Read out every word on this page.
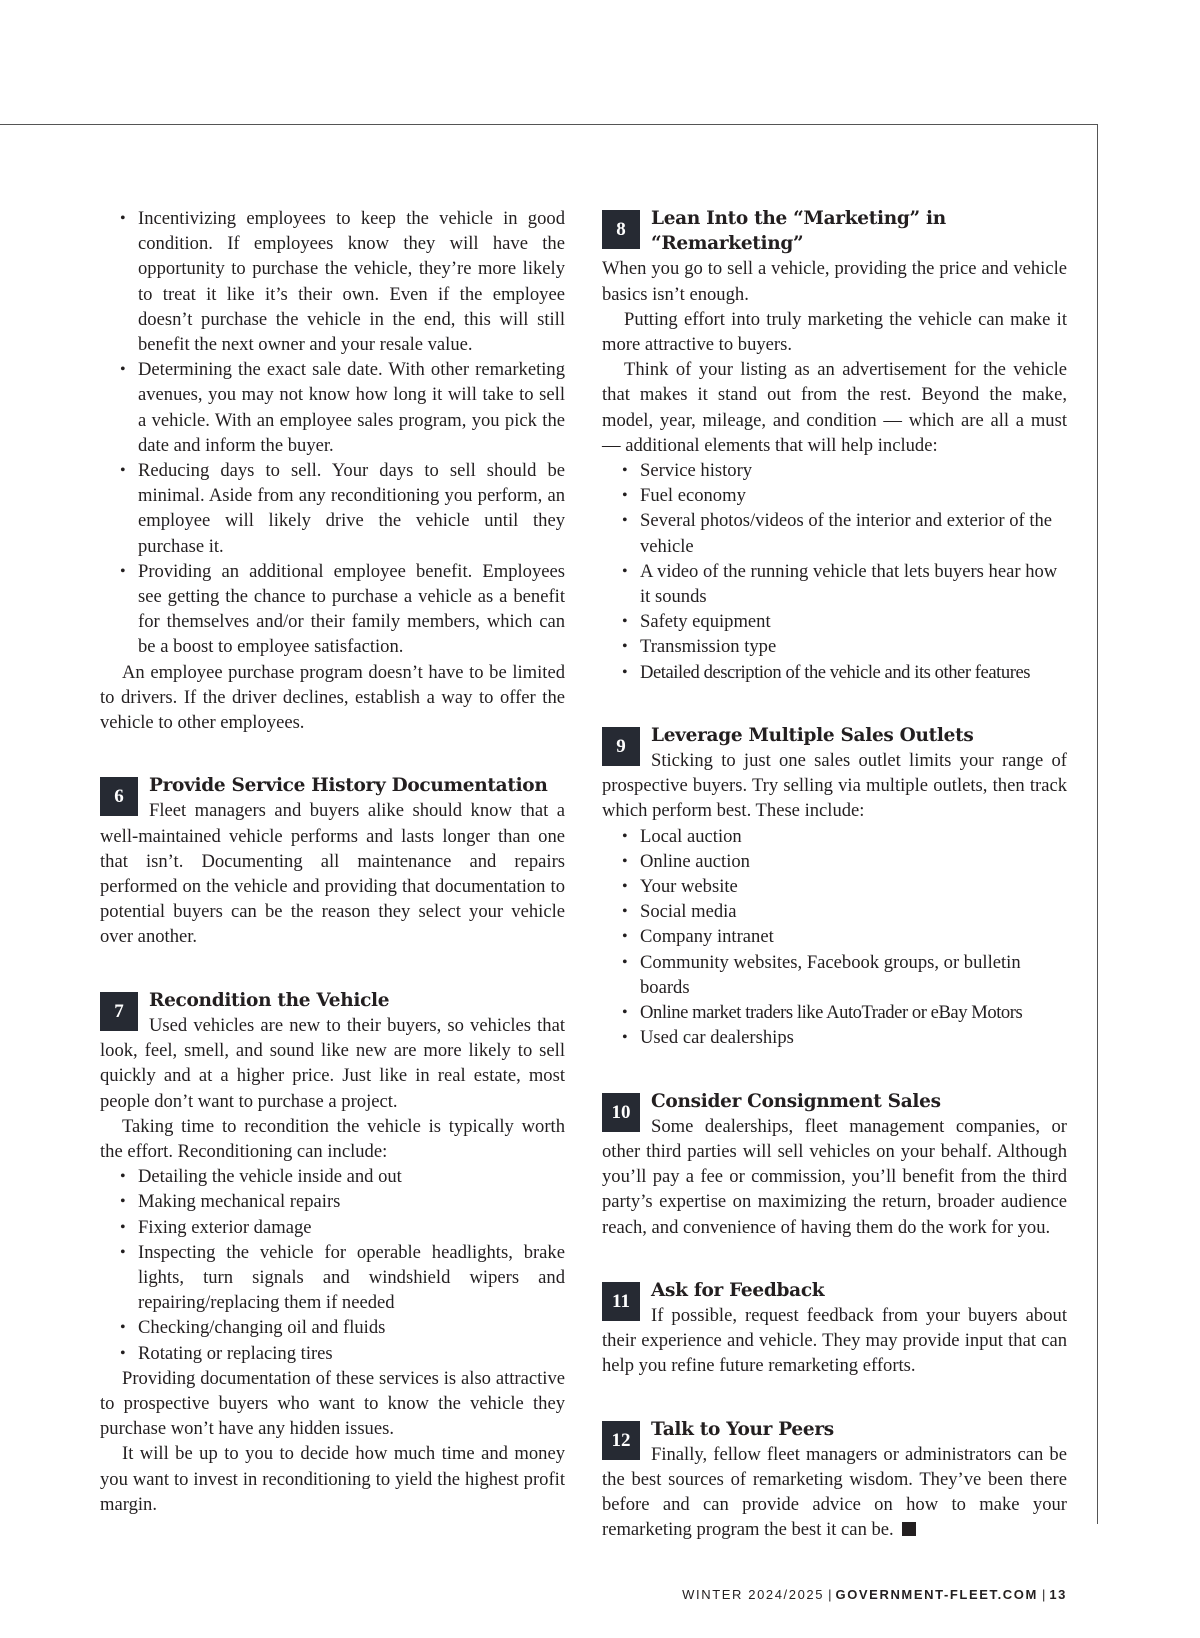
• Incentivizing employees to keep the vehicle in good condition. If employees know they will have the opportunity to purchase the vehicle, they’re more likely to treat it like it’s their own. Even if the employee doesn’t purchase the vehicle in the end, this will still benefit the next owner and your resale value.
• Determining the exact sale date. With other remarketing avenues, you may not know how long it will take to sell a vehicle. With an employee sales program, you pick the date and inform the buyer.
• Reducing days to sell. Your days to sell should be minimal. Aside from any reconditioning you perform, an employee will likely drive the vehicle until they purchase it.
• Providing an additional employee benefit. Employees see getting the chance to purchase a vehicle as a benefit for themselves and/or their family members, which can be a boost to employee satisfaction.

An employee purchase program doesn’t have to be limited to drivers. If the driver declines, establish a way to offer the vehicle to other employees.

6
Provide Service History Documentation

Fleet managers and buyers alike should know that a well-maintained vehicle performs and lasts longer than one that isn’t. Documenting all maintenance and repairs performed on the vehicle and providing that documentation to potential buyers can be the reason they select your vehicle over another.

7
Recondition the Vehicle

Used vehicles are new to their buyers, so vehicles that look, feel, smell, and sound like new are more likely to sell quickly and at a higher price. Just like in real estate, most people don’t want to purchase a project.

Taking time to recondition the vehicle is typically worth the effort. Reconditioning can include:

• Detailing the vehicle inside and out
• Making mechanical repairs
• Fixing exterior damage
• Inspecting the vehicle for operable headlights, brake lights, turn signals and windshield wipers and repairing/replacing them if needed
• Checking/changing oil and fluids
• Rotating or replacing tires

Providing documentation of these services is also attractive to prospective buyers who want to know the vehicle they purchase won’t have any hidden issues.

It will be up to you to decide how much time and money you want to invest in reconditioning to yield the highest profit margin.

8
Lean Into the “Marketing” in “Remarketing”

When you go to sell a vehicle, providing the price and vehicle basics isn’t enough.

Putting effort into truly marketing the vehicle can make it more attractive to buyers.

Think of your listing as an advertisement for the vehicle that makes it stand out from the rest. Beyond the make, model, year, mileage, and condition — which are all a must — additional elements that will help include:

• Service history
• Fuel economy
• Several photos/videos of the interior and exterior of the vehicle
• A video of the running vehicle that lets buyers hear how it sounds
• Safety equipment
• Transmission type
• Detailed description of the vehicle and its other features
9
Leverage Multiple Sales Outlets

Sticking to just one sales outlet limits your range of prospective buyers. Try selling via multiple outlets, then track which perform best. These include:

• Local auction
• Online auction
• Your website
• Social media
• Company intranet
• Community websites, Facebook groups, or bulletin boards
• Online market traders like AutoTrader or eBay Motors
• Used car dealerships
10
Consider Consignment Sales

Some dealerships, fleet management companies, or other third parties will sell vehicles on your behalf. Although you’ll pay a fee or commission, you’ll benefit from the third party’s expertise on maximizing the return, broader audience reach, and convenience of having them do the work for you.

11
Ask for Feedback

If possible, request feedback from your buyers about their experience and vehicle. They may provide input that can help you refine future remarketing efforts.

12
Talk to Your Peers

Finally, fellow fleet managers or administrators can be the best sources of remarketing wisdom. They’ve been there before and can provide advice on how to make your remarketing program the best it can be.

WINTER 2024/2025 | GOVERNMENT-FLEET.COM | 13
